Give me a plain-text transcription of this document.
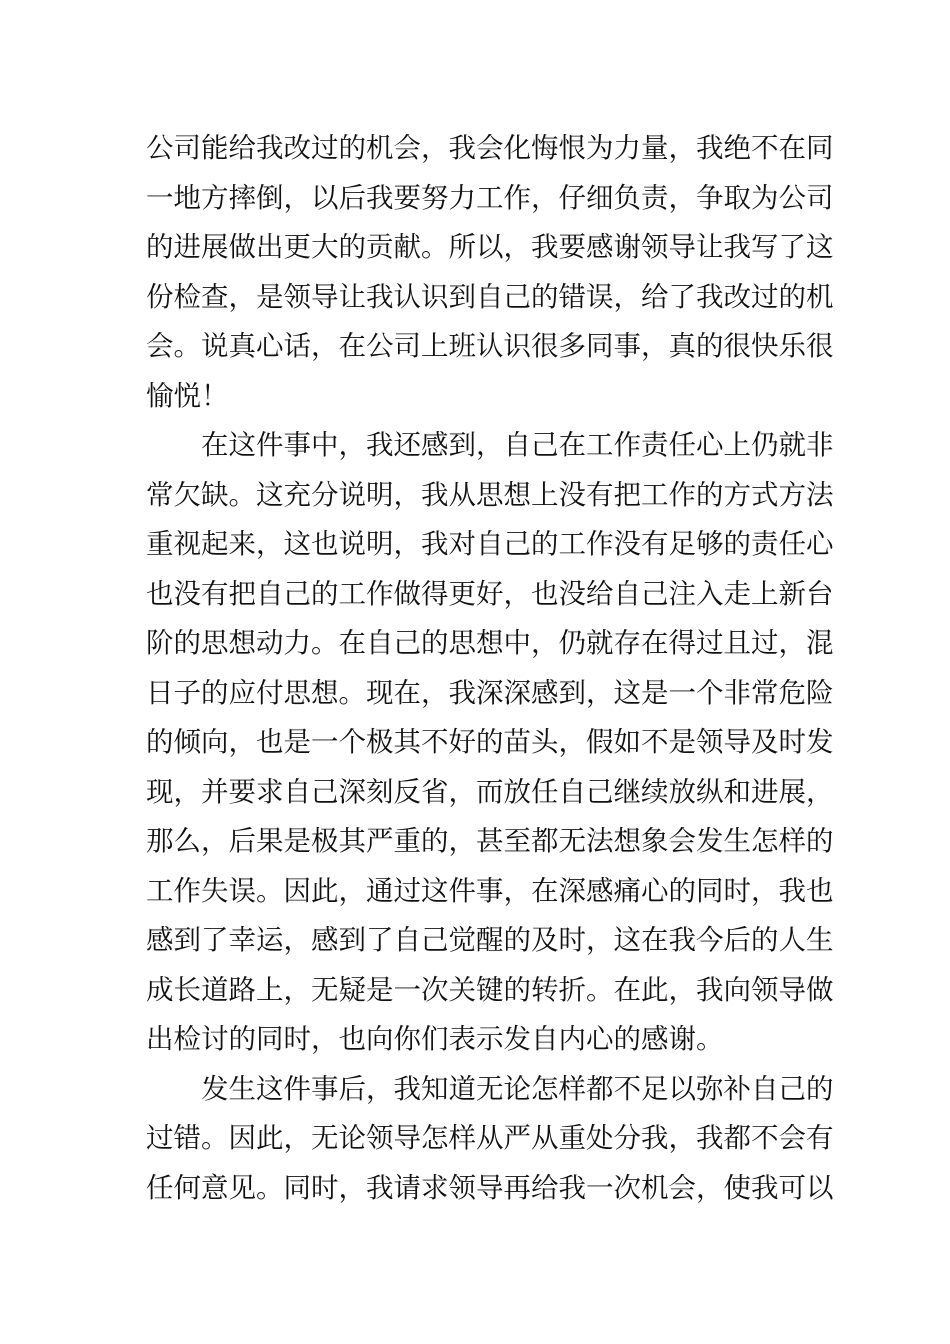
公司能给我改过的机会，我会化悔恨为力量，我绝不在同
一地方摔倒，以后我要努力工作，仔细负责，争取为公司
的进展做出更大的贡献。所以，我要感谢领导让我写了这
份检查，是领导让我认识到自己的错误，给了我改过的机
会。说真心话，在公司上班认识很多同事，真的很快乐很
愉悦！
在这件事中，我还感到，自己在工作责任心上仍就非
常欠缺。这充分说明，我从思想上没有把工作的方式方法
重视起来，这也说明，我对自己的工作没有足够的责任心
也没有把自己的工作做得更好，也没给自己注入走上新台
阶的思想动力。在自己的思想中，仍就存在得过且过，混
日子的应付思想。现在，我深深感到，这是一个非常危险
的倾向，也是一个极其不好的苗头，假如不是领导及时发
现，并要求自己深刻反省，而放任自己继续放纵和进展，
那么，后果是极其严重的，甚至都无法想象会发生怎样的
工作失误。因此，通过这件事，在深感痛心的同时，我也
感到了幸运，感到了自己觉醒的及时，这在我今后的人生
成长道路上，无疑是一次关键的转折。在此，我向领导做
出检讨的同时，也向你们表示发自内心的感谢。
发生这件事后，我知道无论怎样都不足以弥补自己的
过错。因此，无论领导怎样从严从重处分我，我都不会有
任何意见。同时，我请求领导再给我一次机会，使我可以
